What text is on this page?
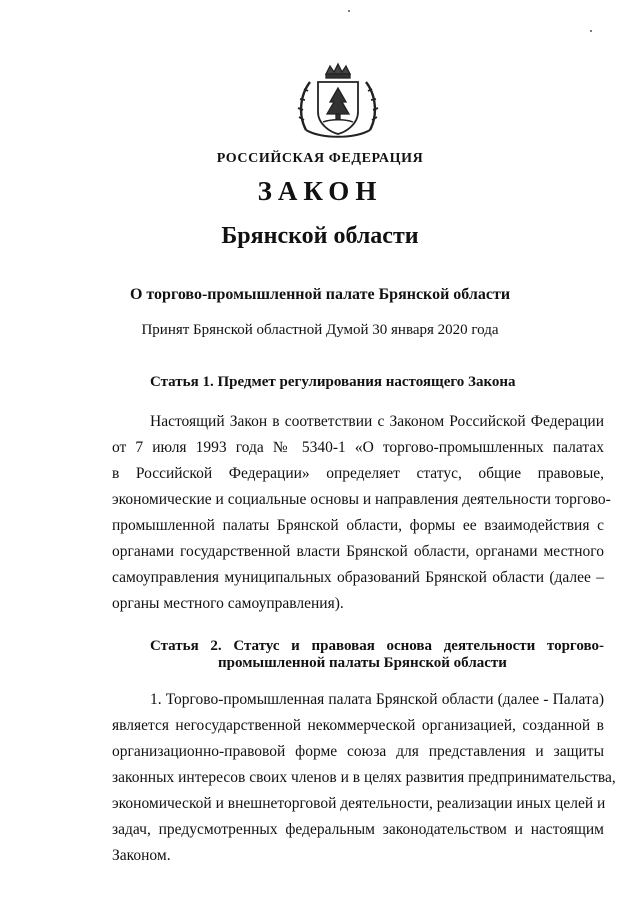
РОССИЙСКАЯ ФЕДЕРАЦИЯ
ЗАКОН
Брянской области
О торгово-промышленной палате Брянской области
Принят Брянской областной Думой 30 января 2020 года
Статья 1. Предмет регулирования настоящего Закона
Настоящий Закон в соответствии с Законом Российской Федерации
от 7 июля 1993 года № 5340-1 «О торгово-промышленных палатах
в Российской Федерации» определяет статус, общие правовые,
экономические и социальные основы и направления деятельности торгово-
промышленной палаты Брянской области, формы ее взаимодействия с
органами государственной власти Брянской области, органами местного
самоуправления муниципальных образований Брянской области (далее –
органы местного самоуправления).
Статья 2. Статус и правовая основа деятельности торгово-
промышленной палаты Брянской области
1. Торгово-промышленная палата Брянской области (далее - Палата)
является негосударственной некоммерческой организацией, созданной в
организационно-правовой форме союза для представления и защиты
законных интересов своих членов и в целях развития предпринимательства,
экономической и внешнеторговой деятельности, реализации иных целей и
задач, предусмотренных федеральным законодательством и настоящим
Законом.
